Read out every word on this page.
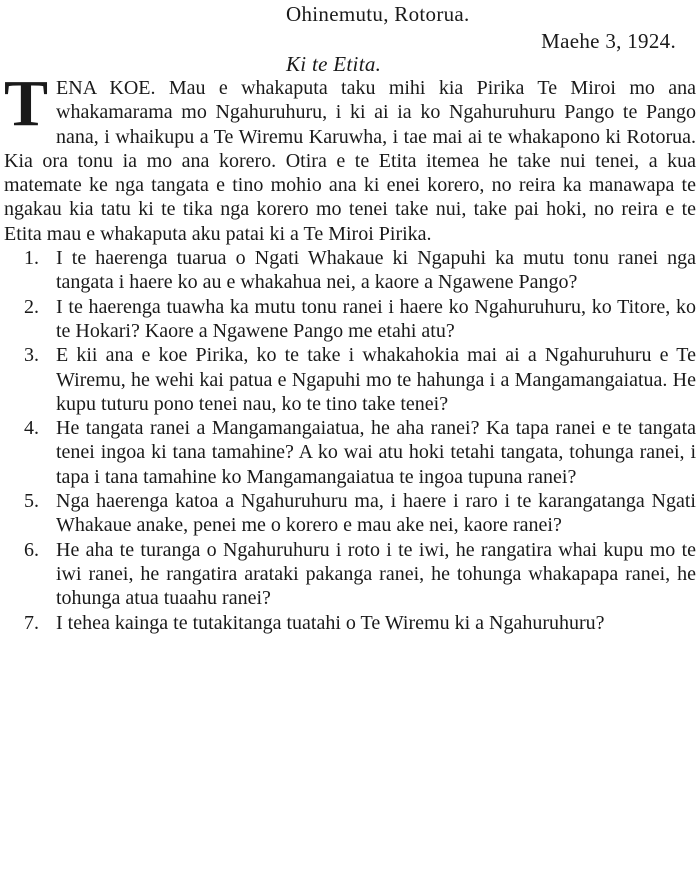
Ohinemutu, Rotorua.
Maehe 3, 1924.
Ki te Etita.

TENA KOE. Mau e whakaputa taku mihi kia Pirika Te Miroi mo ana whakamarama mo Ngahuruhuru, i ki ai ia ko Ngahuruhuru Pango te Pango nana, i whaikupu a Te Wiremu Karuwha, i tae mai ai te whakapono ki Rotorua. Kia ora tonu ia mo ana korero. Otira e te Etita itemea he take nui tenei, a kua matemate ke nga tangata e tino mohio ana ki enei korero, no reira ka manawapa te ngakau kia tatu ki te tika nga korero mo tenei take nui, take pai hoki, no reira e te Etita mau e whakaputa aku patai ki a Te Miroi Pirika.

1. I te haerenga tuarua o Ngati Whakaue ki Ngapuhi ka mutu tonu ranei nga tangata i haere ko au e whakahua nei, a kaore a Ngawene Pango?
2. I te haerenga tuawha ka mutu tonu ranei i haere ko Ngahuruhuru, ko Titore, ko te Hokari? Kaore a Ngawene Pango me etahi atu?
3. E kii ana e koe Pirika, ko te take i whakahokia mai ai a Ngahuruhuru e Te Wiremu, he wehi kai patua e Ngapuhi mo te hahunga i a Mangamangaiatua. He kupu tuturu pono tenei nau, ko te tino take tenei?
4. He tangata ranei a Mangamangaiatua, he aha ranei? Ka tapa ranei e te tangata tenei ingoa ki tana tamahine? A ko wai atu hoki tetahi tangata, tohunga ranei, i tapa i tana tamahine ko Mangamangaiatua te ingoa tupuna ranei?
5. Nga haerenga katoa a Ngahuruhuru ma, i haere i raro i te karangatanga Ngati Whakaue anake, penei me o korero e mau ake nei, kaore ranei?
6. He aha te turanga o Ngahuruhuru i roto i te iwi, he rangatira whai kupu mo te iwi ranei, he rangatira arataki pakanga ranei, he tohunga whakapapa ranei, he tohunga atua tuaahu ranei?
7. I tehea kainga te tutakitanga tuatahi o Te Wiremu ki a Ngahuruhuru?
